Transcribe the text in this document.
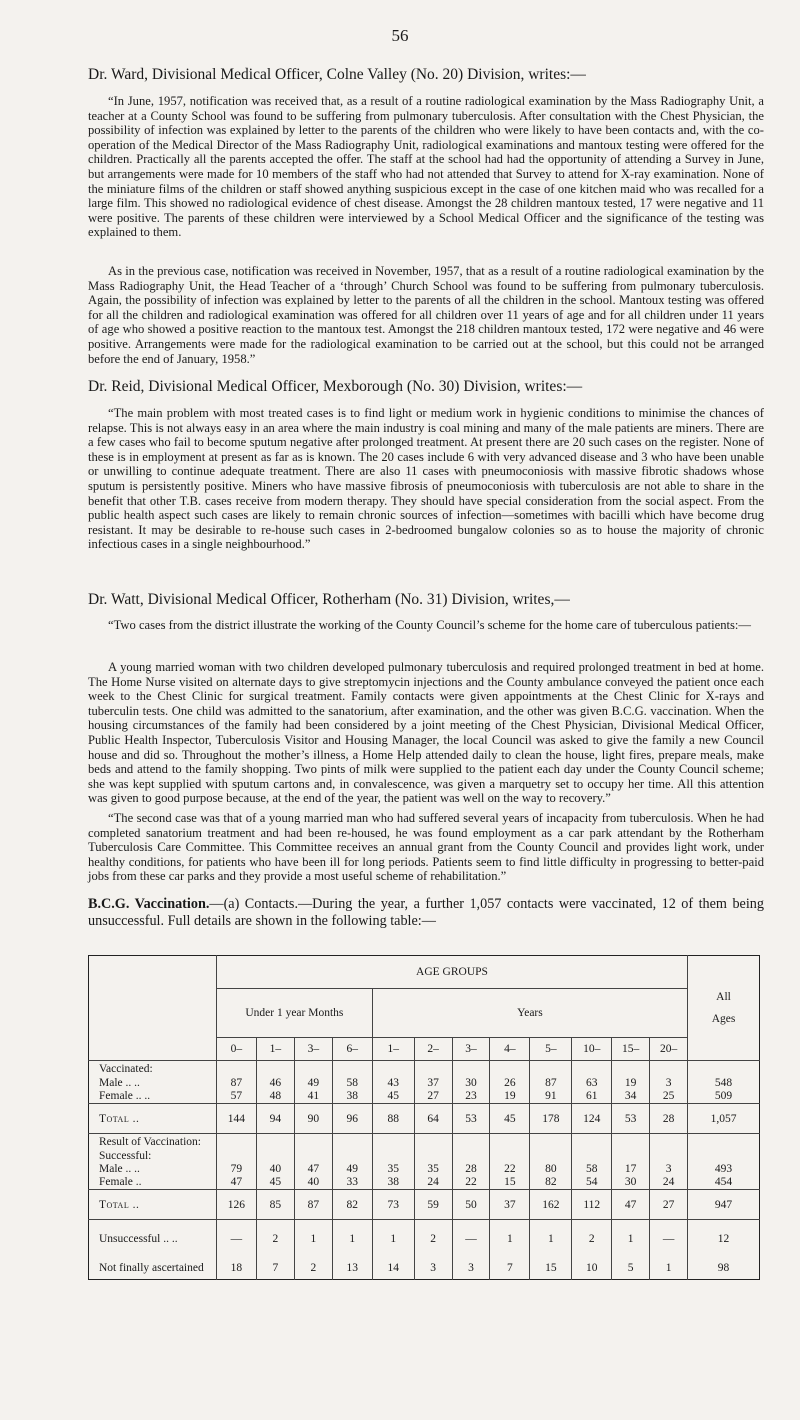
56
Dr. Ward, Divisional Medical Officer, Colne Valley (No. 20) Division, writes:—
“In June, 1957, notification was received that, as a result of a routine radiological examination by the Mass Radiography Unit, a teacher at a County School was found to be suffering from pulmonary tuberculosis. After consultation with the Chest Physician, the possibility of infection was explained by letter to the parents of the children who were likely to have been contacts and, with the co-operation of the Medical Director of the Mass Radiography Unit, radiological examinations and mantoux testing were offered for the children. Practically all the parents accepted the offer. The staff at the school had had the opportunity of attending a Survey in June, but arrangements were made for 10 members of the staff who had not attended that Survey to attend for X-ray examination. None of the miniature films of the children or staff showed anything suspicious except in the case of one kitchen maid who was recalled for a large film. This showed no radiological evidence of chest disease. Amongst the 28 children mantoux tested, 17 were negative and 11 were positive. The parents of these children were interviewed by a School Medical Officer and the significance of the testing was explained to them.
As in the previous case, notification was received in November, 1957, that as a result of a routine radiological examination by the Mass Radiography Unit, the Head Teacher of a ‘through’ Church School was found to be suffering from pulmonary tuberculosis. Again, the possibility of infection was explained by letter to the parents of all the children in the school. Mantoux testing was offered for all the children and radiological examination was offered for all children over 11 years of age and for all children under 11 years of age who showed a positive reaction to the mantoux test. Amongst the 218 children mantoux tested, 172 were negative and 46 were positive. Arrangements were made for the radiological examination to be carried out at the school, but this could not be arranged before the end of January, 1958.”
Dr. Reid, Divisional Medical Officer, Mexborough (No. 30) Division, writes:—
“The main problem with most treated cases is to find light or medium work in hygienic conditions to minimise the chances of relapse. This is not always easy in an area where the main industry is coal mining and many of the male patients are miners. There are a few cases who fail to become sputum negative after prolonged treatment. At present there are 20 such cases on the register. None of these is in employment at present as far as is known. The 20 cases include 6 with very advanced disease and 3 who have been unable or unwilling to continue adequate treatment. There are also 11 cases with pneumoconiosis with massive fibrotic shadows whose sputum is persistently positive. Miners who have massive fibrosis of pneumoconiosis with tuberculosis are not able to share in the benefit that other T.B. cases receive from modern therapy. They should have special consideration from the social aspect. From the public health aspect such cases are likely to remain chronic sources of infection—sometimes with bacilli which have become drug resistant. It may be desirable to re-house such cases in 2-bedroomed bungalow colonies so as to house the majority of chronic infectious cases in a single neighbourhood.”
Dr. Watt, Divisional Medical Officer, Rotherham (No. 31) Division, writes,—
“Two cases from the district illustrate the working of the County Council’s scheme for the home care of tuberculous patients:—
A young married woman with two children developed pulmonary tuberculosis and required prolonged treatment in bed at home. The Home Nurse visited on alternate days to give streptomycin injections and the County ambulance conveyed the patient once each week to the Chest Clinic for surgical treatment. Family contacts were given appointments at the Chest Clinic for X-rays and tuberculin tests. One child was admitted to the sanatorium, after examination, and the other was given B.C.G. vaccination. When the housing circumstances of the family had been considered by a joint meeting of the Chest Physician, Divisional Medical Officer, Public Health Inspector, Tuberculosis Visitor and Housing Manager, the local Council was asked to give the family a new Council house and did so. Throughout the mother’s illness, a Home Help attended daily to clean the house, light fires, prepare meals, make beds and attend to the family shopping. Two pints of milk were supplied to the patient each day under the County Council scheme; she was kept supplied with sputum cartons and, in convalescence, was given a marquetry set to occupy her time. All this attention was given to good purpose because, at the end of the year, the patient was well on the way to recovery.”
“The second case was that of a young married man who had suffered several years of incapacity from tuberculosis. When he had completed sanatorium treatment and had been re-housed, he was found employment as a car park attendant by the Rotherham Tuberculosis Care Committee. This Committee receives an annual grant from the County Council and provides light work, under healthy conditions, for patients who have been ill for long periods. Patients seem to find little difficulty in progressing to better-paid jobs from these car parks and they provide a most useful scheme of rehabilitation.”
B.C.G. Vaccination.—(a) Contacts.—During the year, a further 1,057 contacts were vaccinated, 12 of them being unsuccessful. Full details are shown in the following table:—
	AGE GROUPS												All Ages

	Under 1 year Months				Years								
	0–	1–	3–	6–	1–	2–	3–	4–	5–	10–	15–	20–	
Vaccinated:													
Male .. ..	87	46	49	58	43	37	30	26	87	63	19	3	548
Female .. ..	57	48	41	38	45	27	23	19	91	61	34	25	509
Total ..	144	94	90	96	88	64	53	45	178	124	53	28	1,057
Result of Vaccination:													
Successful:													
Male .. ..	79	40	47	49	35	35	28	22	80	58	17	3	493
Female ..	47	45	40	33	38	24	22	15	82	54	30	24	454
Total ..	126	85	87	82	73	59	50	37	162	112	47	27	947
Unsuccessful .. ..	—	2	1	1	1	2	—	1	1	2	1	—	12
Not finally ascertained	18	7	2	13	14	3	3	7	15	10	5	1	98
